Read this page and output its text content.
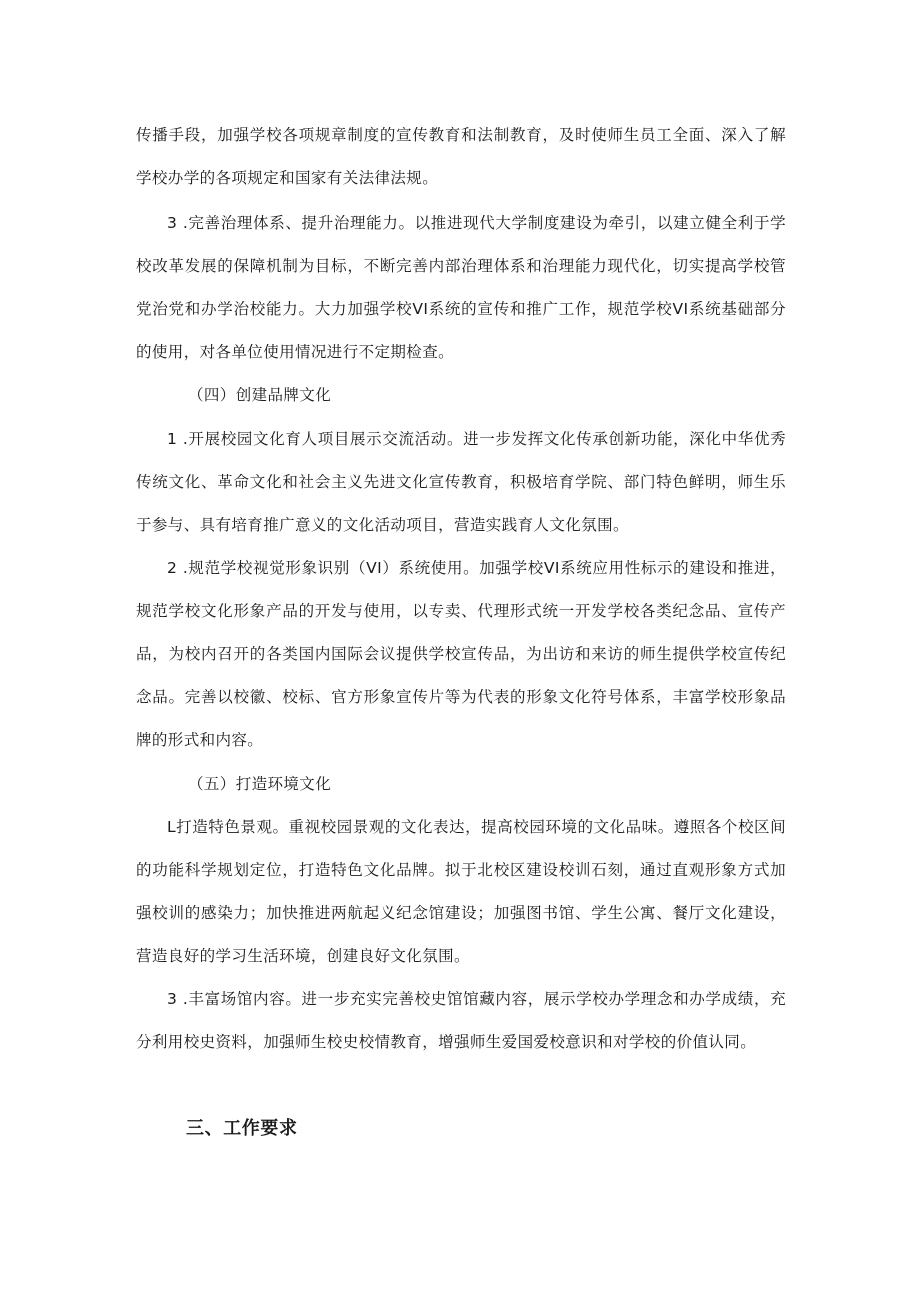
传播手段，加强学校各项规章制度的宣传教育和法制教育，及时使师生员工全面、深入了解学校办学的各项规定和国家有关法律法规。

3 .完善治理体系、提升治理能力。以推进现代大学制度建设为牵引，以建立健全利于学校改革发展的保障机制为目标，不断完善内部治理体系和治理能力现代化，切实提高学校管党治党和办学治校能力。大力加强学校VI系统的宣传和推广工作，规范学校VI系统基础部分的使用，对各单位使用情况进行不定期检查。

（四）创建品牌文化

1 .开展校园文化育人项目展示交流活动。进一步发挥文化传承创新功能，深化中华优秀传统文化、革命文化和社会主义先进文化宣传教育，积极培育学院、部门特色鲜明，师生乐于参与、具有培育推广意义的文化活动项目，营造实践育人文化氛围。

2 .规范学校视觉形象识别（VI）系统使用。加强学校VI系统应用性标示的建设和推进，规范学校文化形象产品的开发与使用，以专卖、代理形式统一开发学校各类纪念品、宣传产品，为校内召开的各类国内国际会议提供学校宣传品，为出访和来访的师生提供学校宣传纪念品。完善以校徽、校标、官方形象宣传片等为代表的形象文化符号体系，丰富学校形象品牌的形式和内容。

（五）打造环境文化

L打造特色景观。重视校园景观的文化表达，提高校园环境的文化品味。遵照各个校区间的功能科学规划定位，打造特色文化品牌。拟于北校区建设校训石刻，通过直观形象方式加强校训的感染力；加快推进两航起义纪念馆建设；加强图书馆、学生公寓、餐厅文化建设，营造良好的学习生活环境，创建良好文化氛围。

3 .丰富场馆内容。进一步充实完善校史馆馆藏内容，展示学校办学理念和办学成绩，充分利用校史资料，加强师生校史校情教育，增强师生爱国爱校意识和对学校的价值认同。

三、工作要求
